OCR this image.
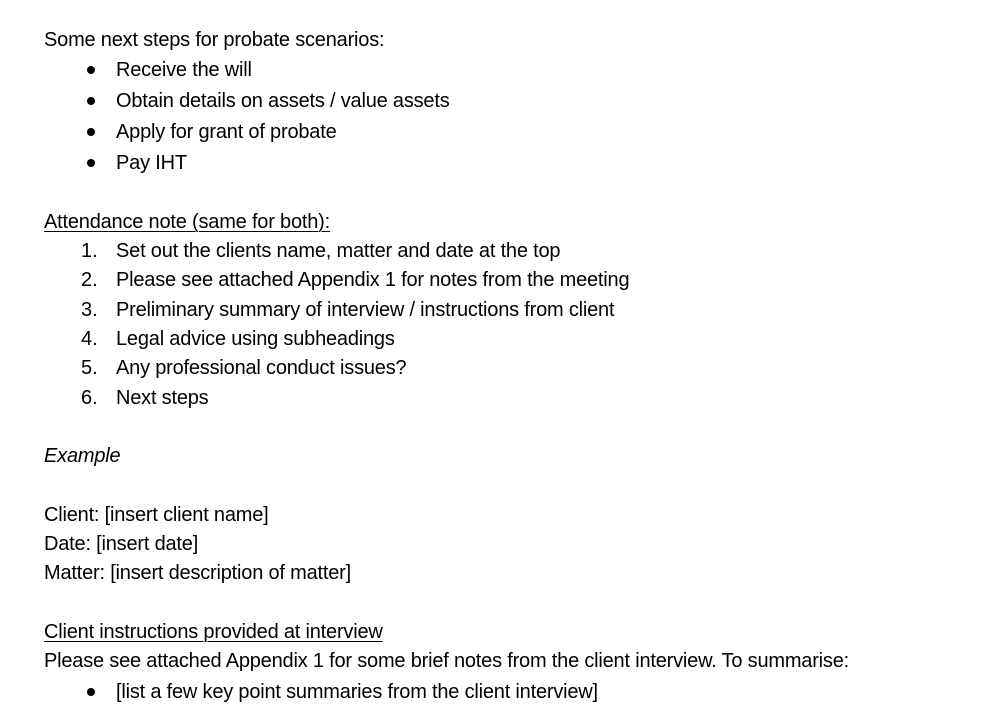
Some next steps for probate scenarios:
Receive the will
Obtain details on assets / value assets
Apply for grant of probate
Pay IHT
Attendance note (same for both):
1. Set out the clients name, matter and date at the top
2. Please see attached Appendix 1 for notes from the meeting
3. Preliminary summary of interview / instructions from client
4. Legal advice using subheadings
5. Any professional conduct issues?
6. Next steps
Example
Client: [insert client name]
Date: [insert date]
Matter: [insert description of matter]
Client instructions provided at interview
Please see attached Appendix 1 for some brief notes from the client interview. To summarise:
[list a few key point summaries from the client interview]
